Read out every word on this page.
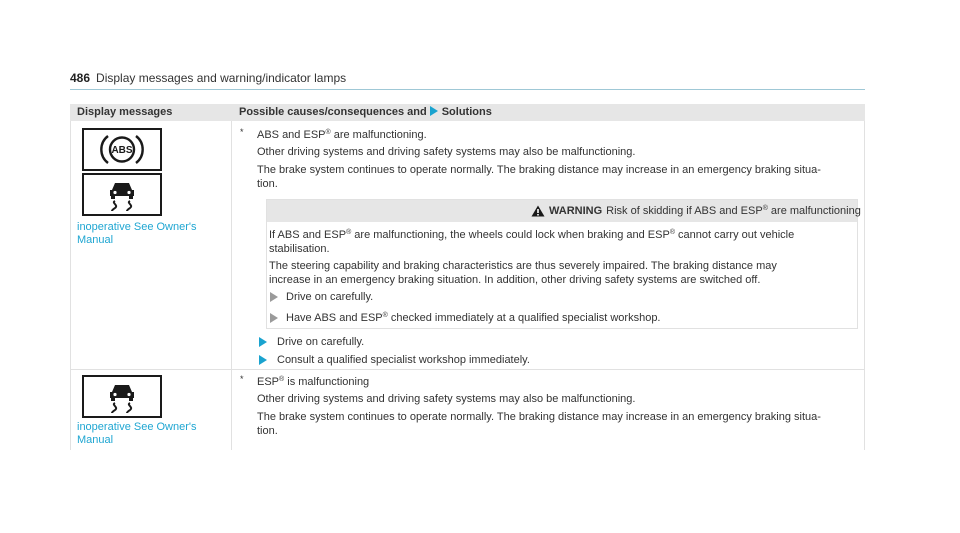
486 Display messages and warning/indicator lamps
Display messages	Possible causes/consequences and Solutions
ABS
inoperative See Owner's
Manual
* ABS and ESP® are malfunctioning.
Other driving systems and driving safety systems may also be malfunctioning.
The brake system continues to operate normally. The braking distance may increase in an emergency braking situa-
tion.
WARNING Risk of skidding if ABS and ESP® are malfunctioning
If ABS and ESP® are malfunctioning, the wheels could lock when braking and ESP® cannot carry out vehicle
stabilisation.
The steering capability and braking characteristics are thus severely impaired. The braking distance may
increase in an emergency braking situation. In addition, other driving safety systems are switched off.
Drive on carefully.
Have ABS and ESP® checked immediately at a qualified specialist workshop.
Drive on carefully.
Consult a qualified specialist workshop immediately.
inoperative See Owner's
Manual
* ESP® is malfunctioning
Other driving systems and driving safety systems may also be malfunctioning.
The brake system continues to operate normally. The braking distance may increase in an emergency braking situa-
tion.
